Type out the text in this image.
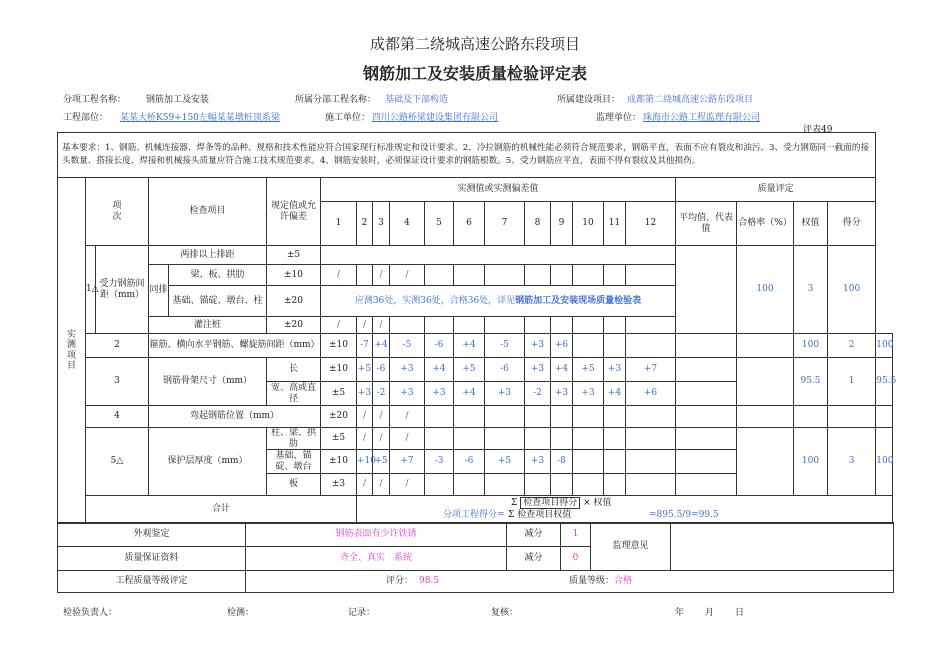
成都第二绕城高速公路东段项目
钢筋加工及安装质量检验评定表
分项工程名称： 钢筋加工及安装	所属分部工程名称： 基础及下部构造	所属建设项目： 成都第二绕城高速公路东段项目
工程部位： 某某大桥K59+150左幅某某墩桩顶系梁	施工单位： 四川公路桥梁建设集团有限公司	监理单位： 珠海市公路工程监理有限公司
评表49
基本要求：1、钢筋、机械连接器、焊条等的品种、规格和技术性能应符合国家现行标准规定和设计要求。2、冷拉钢筋的机械性能必须符合规范要求，钢筋平直，表面不应有裂皮和油污。3、受力钢筋同一截面的接头数量、搭接长度、焊接和机械接头质量应符合施工技术规范要求。4、钢筋安装时，必须保证设计要求的钢筋根数。5、受力钢筋应平直，表面不得有裂纹及其他损伤。																						
实测项目	项次		检查项目		规定值或允许偏差	实测值或实测偏差值												质量评定				
						1	2	3	4	5	6	7	8	9	10	11	12	平均值、代表值	合格率（%）	权值	得分	
	1△	受力钢筋间距（mm）	两排以上排距		±5														100	3	100	
			同排	梁、板、拱肋	±10	/		/	/													
				基础、锚碇、墩台、柱	±20	应测36处，实测36处，合格36处，详见钢筋加工及安装现场质量检验表																
			灌注桩		±20	/	/	/														
	2		箍筋、横向水平钢筋、螺旋筋间距（mm）			±10	-7	+4	-5	-6	+4	-5	+3	+6						100	2	100
	3		钢筋骨架尺寸（mm）		长	±10	+5	-6	+3	+4	+5	-6	+3	+4	+5	+3	+7			95.5	1	95.5
					宽、高或直径	±5	+3	-2	+3	+3	+4	+3	-2	+3	+3	+4	+6					
	4		弯起钢筋位置（mm）			±20	/	/	/													
	5△		保护层厚度（mm）		柱、梁、拱肋	±5	/	/	/											100	3	100
					基础、锚碇、墩台	±10	+10	+5	+7	-3	-6	+5	+3	-8								
					板	±3	/	/	/													
	合计						Σ 检查项目得分 × 权值
分项工程得分= Σ 检查项目权值 =895.5/9=99.5															
外观鉴定	钢筋表面有少许铁锈	减分	1	监理意见	
质量保证资料	齐全、真实　系统	减分	0		
工程质量等级评定	评分： 98.5 质量等级：合格				
检验负责人：	检测：	记录：	复核：	年 月 日
